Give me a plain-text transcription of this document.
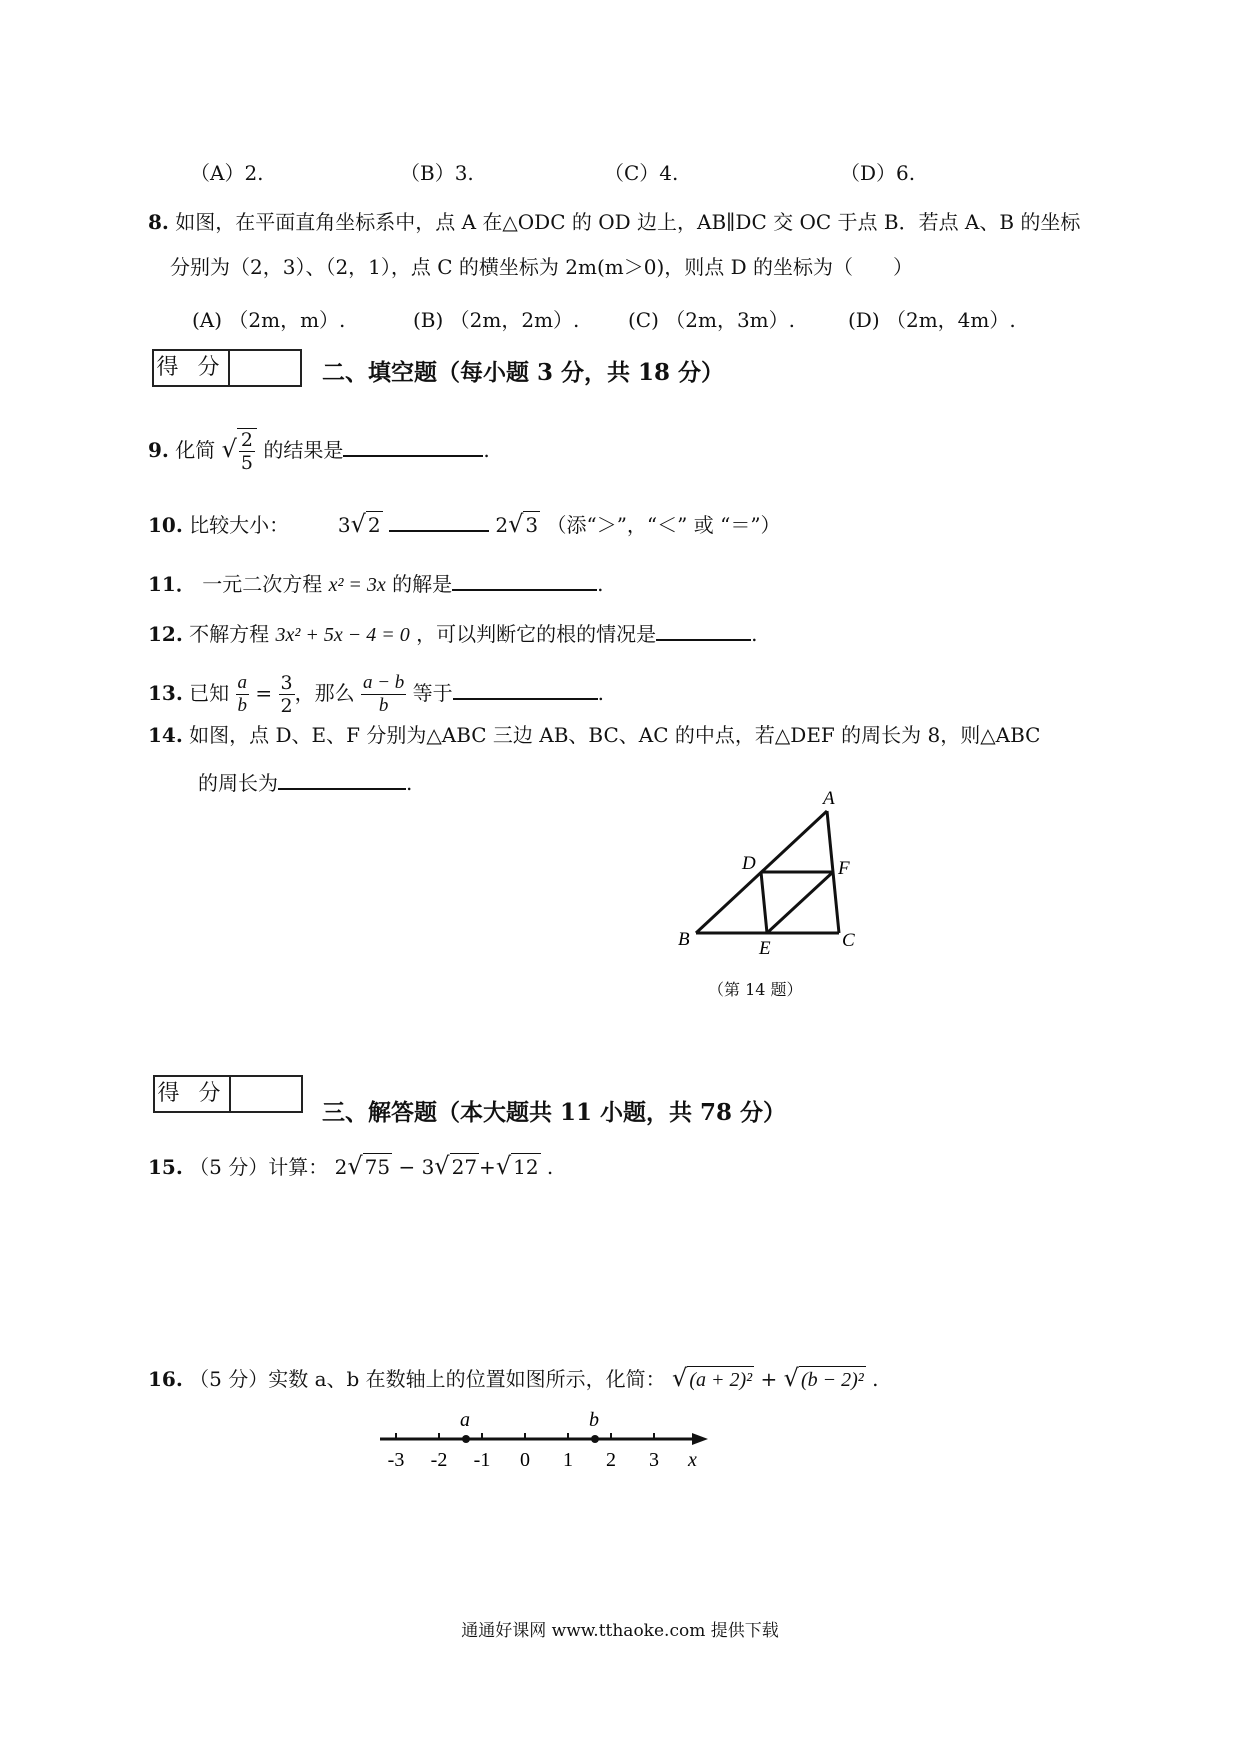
（A）2.	（B）3.	（C）4.	（D）6.
8. 如图，在平面直角坐标系中，点 A 在△ODC 的 OD 边上，AB∥DC 交 OC 于点 B．若点 A、B 的坐标
分别为（2，3）、（2，1），点 C 的横坐标为 2m(m＞0)，则点 D 的坐标为（　　）
(A) （2m，m）.	(B) （2m，2m）. (C) （2m，3m）.	(D) （2m，4m）.
得 分	二、填空题（每小题 3 分，共 18 分）
9. 化简 √ $\frac{2}{5}$ 的结果是	.
10. 比较大小： 3√ 2	2√ 3 （添“＞”，“＜” 或 “＝”）
11． 一元二次方程 x² = 3x 的解是	.
12. 不解方程 3x² + 5x − 4 = 0 ，可以判断它的根的情况是	.
13. 已知 $\frac{a}{b} = \frac{3}{2}$ ，那么 $\frac{a - b}{b}$ 等于	.
14. 如图，点 D、E、F 分别为△ABC 三边 AB、BC、AC 的中点，若△DEF 的周长为 8，则△ABC
的周长为	.
A
B	C
D
E
F
（第 14 题）
得 分
三、解答题（本大题共 11 小题，共 78 分）
15. （5 分）计算： 2√ 75 − 3√ 27 +√ 12 .
16. （5 分）实数 a、b 在数轴上的位置如图所示，化简： √ (a + 2)² + √ (b − 2)² .
-3 -2 -1 0 1 2 3
a	b
x
通通好课网 www.tthaoke.com 提供下载
